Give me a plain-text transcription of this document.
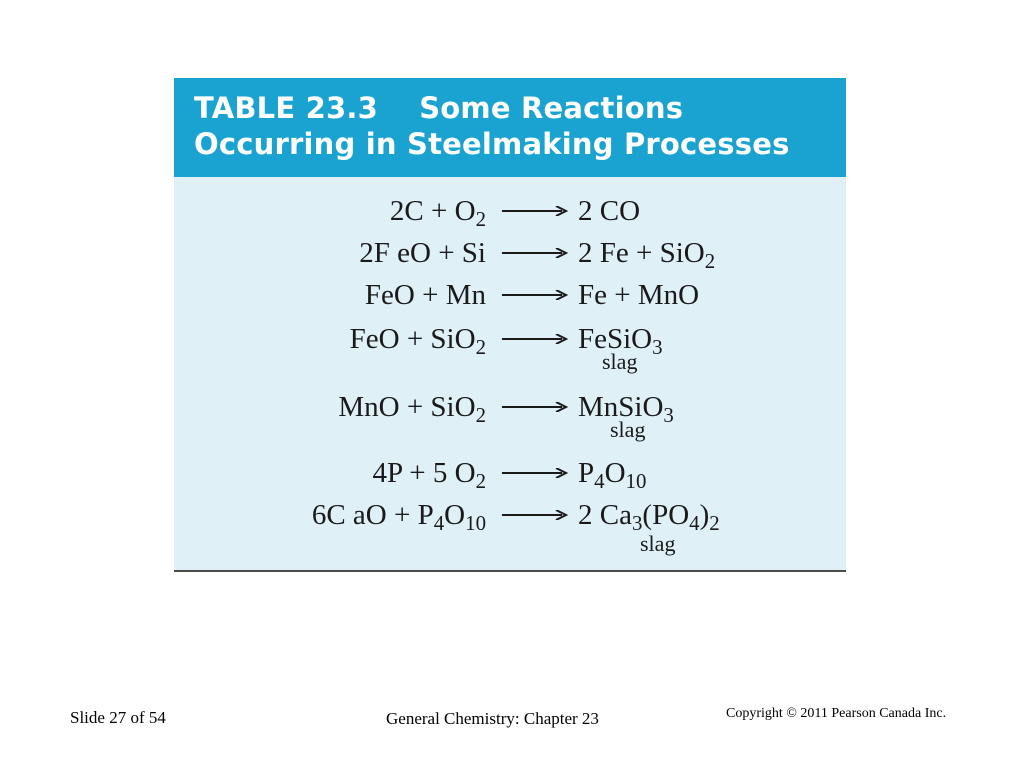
TABLE 23.3    Some Reactions
Occurring in Steelmaking Processes
$2C + O_2 \to 2$ CO
2F eO + Si → 2 Fe + SiO$_2$
FeO + Mn → Fe + MnO
FeO + SiO$_2$ → FeSiO$_3$
slag
MnO + SiO$_2$ → MnSiO$_3$
slag
4P + 5 $O_2 \to P_4O_{10}$
6C aO + $P_4O_{10} \to 2$ $Ca_3(PO_4)_2$
slag
Slide 27 of 54	General Chemistry: Chapter 23	Copyright © 2011 Pearson Canada Inc.
